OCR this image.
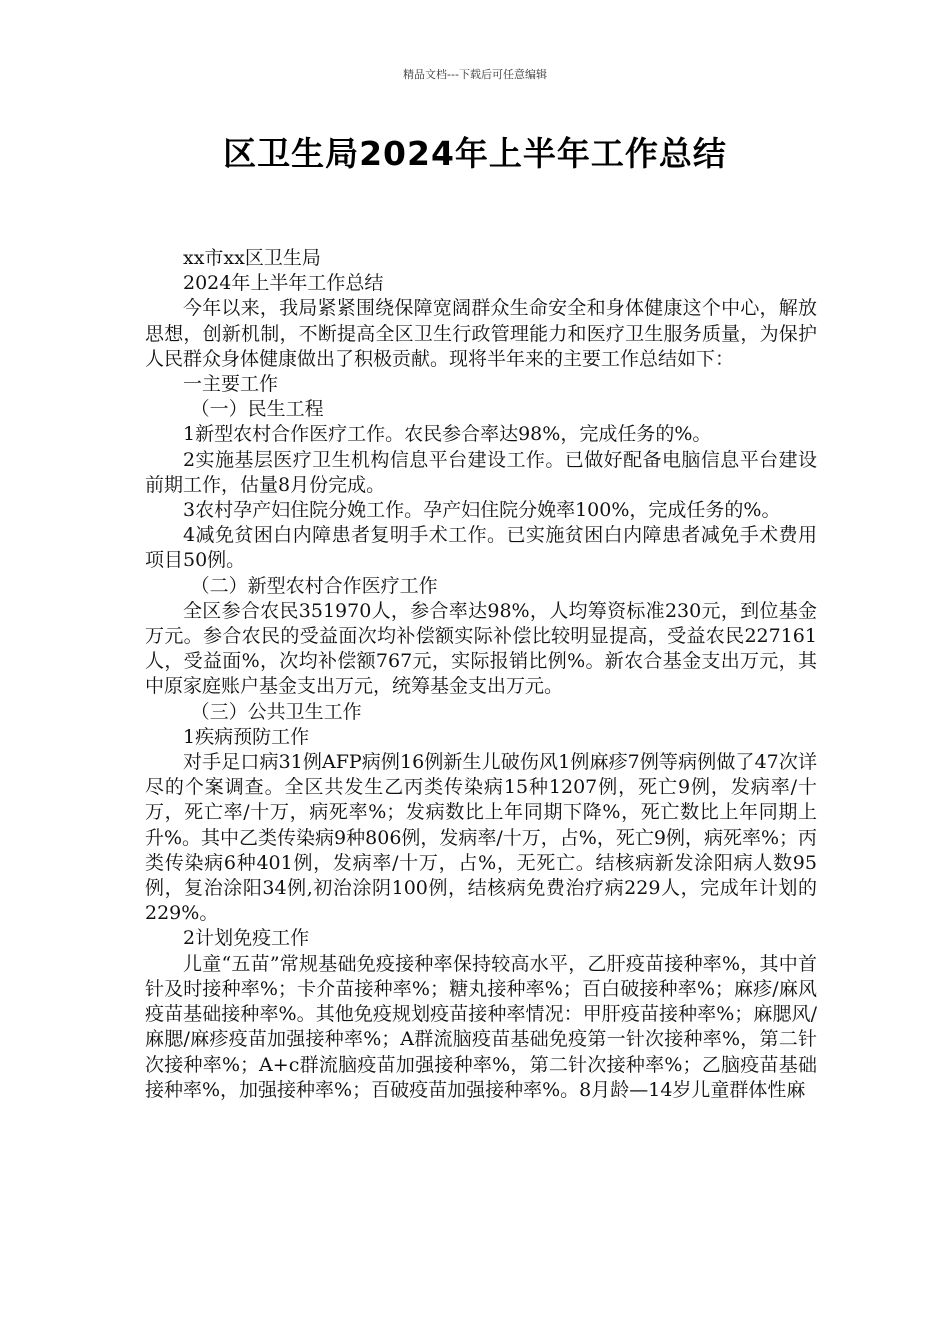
精品文档---下载后可任意编辑
区卫生局2024年上半年工作总结

xx市xx区卫生局

2024年上半年工作总结

今年以来，我局紧紧围绕保障宽阔群众生命安全和身体健康这个中心，解放思想，创新机制，不断提高全区卫生行政管理能力和医疗卫生服务质量，为保护人民群众身体健康做出了积极贡献。现将半年来的主要工作总结如下：

一主要工作

（一）民生工程

1新型农村合作医疗工作。农民参合率达98%，完成任务的%。

2实施基层医疗卫生机构信息平台建设工作。已做好配备电脑信息平台建设前期工作，估量8月份完成。

3农村孕产妇住院分娩工作。孕产妇住院分娩率100%，完成任务的%。

4减免贫困白内障患者复明手术工作。已实施贫困白内障患者减免手术费用项目50例。

（二）新型农村合作医疗工作

全区参合农民351970人，参合率达98%，人均筹资标准230元，到位基金万元。参合农民的受益面次均补偿额实际补偿比较明显提高，受益农民227161人，受益面%，次均补偿额767元，实际报销比例%。新农合基金支出万元，其中原家庭账户基金支出万元，统筹基金支出万元。

（三）公共卫生工作

1疾病预防工作

对手足口病31例AFP病例16例新生儿破伤风1例麻疹7例等病例做了47次详尽的个案调查。全区共发生乙丙类传染病15种1207例，死亡9例，发病率/十万，死亡率/十万，病死率%；发病数比上年同期下降%，死亡数比上年同期上升%。其中乙类传染病9种806例，发病率/十万，占%，死亡9例，病死率%；丙类传染病6种401例，发病率/十万，占%，无死亡。结核病新发涂阳病人数95例，复治涂阳34例,初治涂阴100例，结核病免费治疗病229人，完成年计划的229%。

2计划免疫工作

儿童“五苗”常规基础免疫接种率保持较高水平，乙肝疫苗接种率%，其中首针及时接种率%；卡介苗接种率%；糖丸接种率%；百白破接种率%；麻疹/麻风疫苗基础接种率%。其他免疫规划疫苗接种率情况：甲肝疫苗接种率%；麻腮风/麻腮/麻疹疫苗加强接种率%；A群流脑疫苗基础免疫第一针次接种率%，第二针次接种率%；A+c群流脑疫苗加强接种率%，第二针次接种率%；乙脑疫苗基础接种率%，加强接种率%；百破疫苗加强接种率%。8月龄—14岁儿童群体性麻
